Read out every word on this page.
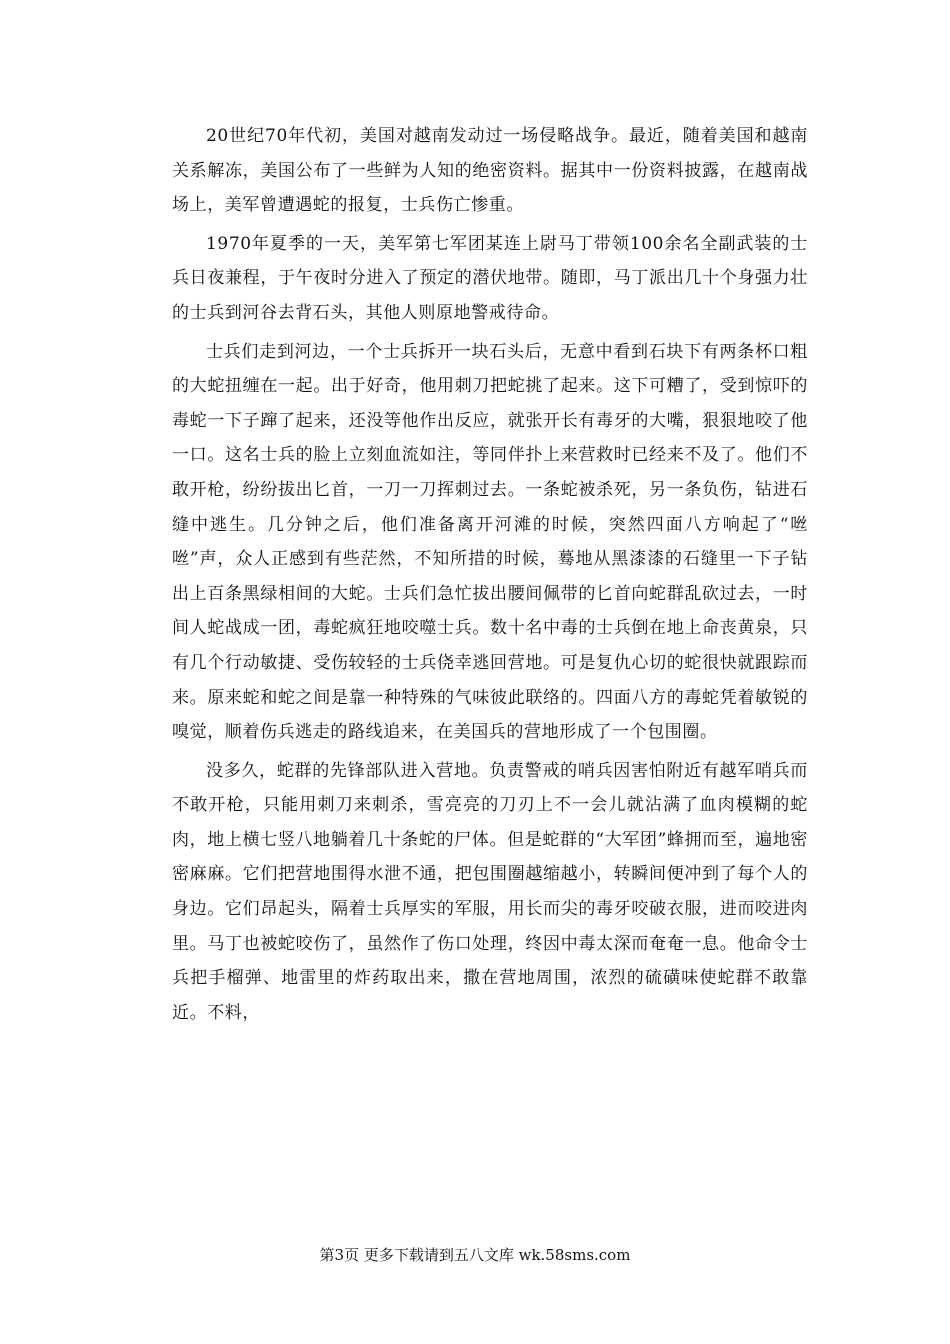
20世纪70年代初，美国对越南发动过一场侵略战争。最近，随着美国和越南关系解冻，美国公布了一些鲜为人知的绝密资料。据其中一份资料披露，在越南战场上，美军曾遭遇蛇的报复，士兵伤亡惨重。

1970年夏季的一天，美军第七军团某连上尉马丁带领100余名全副武装的士兵日夜兼程，于午夜时分进入了预定的潜伏地带。随即，马丁派出几十个身强力壮的士兵到河谷去背石头，其他人则原地警戒待命。

士兵们走到河边，一个士兵拆开一块石头后，无意中看到石块下有两条杯口粗的大蛇扭缠在一起。出于好奇，他用刺刀把蛇挑了起来。这下可糟了，受到惊吓的毒蛇一下子蹿了起来，还没等他作出反应，就张开长有毒牙的大嘴，狠狠地咬了他一口。这名士兵的脸上立刻血流如注，等同伴扑上来营救时已经来不及了。他们不敢开枪，纷纷拔出匕首，一刀一刀挥刺过去。一条蛇被杀死，另一条负伤，钻进石缝中逃生。几分钟之后，他们准备离开河滩的时候，突然四面八方响起了“咝咝”声，众人正感到有些茫然，不知所措的时候，蓦地从黑漆漆的石缝里一下子钻出上百条黑绿相间的大蛇。士兵们急忙拔出腰间佩带的匕首向蛇群乱砍过去，一时间人蛇战成一团，毒蛇疯狂地咬噬士兵。数十名中毒的士兵倒在地上命丧黄泉，只有几个行动敏捷、受伤较轻的士兵侥幸逃回营地。可是复仇心切的蛇很快就跟踪而来。原来蛇和蛇之间是靠一种特殊的气味彼此联络的。四面八方的毒蛇凭着敏锐的嗅觉，顺着伤兵逃走的路线追来，在美国兵的营地形成了一个包围圈。

没多久，蛇群的先锋部队进入营地。负责警戒的哨兵因害怕附近有越军哨兵而不敢开枪，只能用刺刀来刺杀，雪亮亮的刀刃上不一会儿就沾满了血肉模糊的蛇肉，地上横七竖八地躺着几十条蛇的尸体。但是蛇群的“大军团”蜂拥而至，遍地密密麻麻。它们把营地围得水泄不通，把包围圈越缩越小，转瞬间便冲到了每个人的身边。它们昂起头，隔着士兵厚实的军服，用长而尖的毒牙咬破衣服，进而咬进肉里。马丁也被蛇咬伤了，虽然作了伤口处理，终因中毒太深而奄奄一息。他命令士兵把手榴弹、地雷里的炸药取出来，撒在营地周围，浓烈的硫磺味使蛇群不敢靠近。不料，

第3页 更多下载请到五八文库 wk.58sms.com
